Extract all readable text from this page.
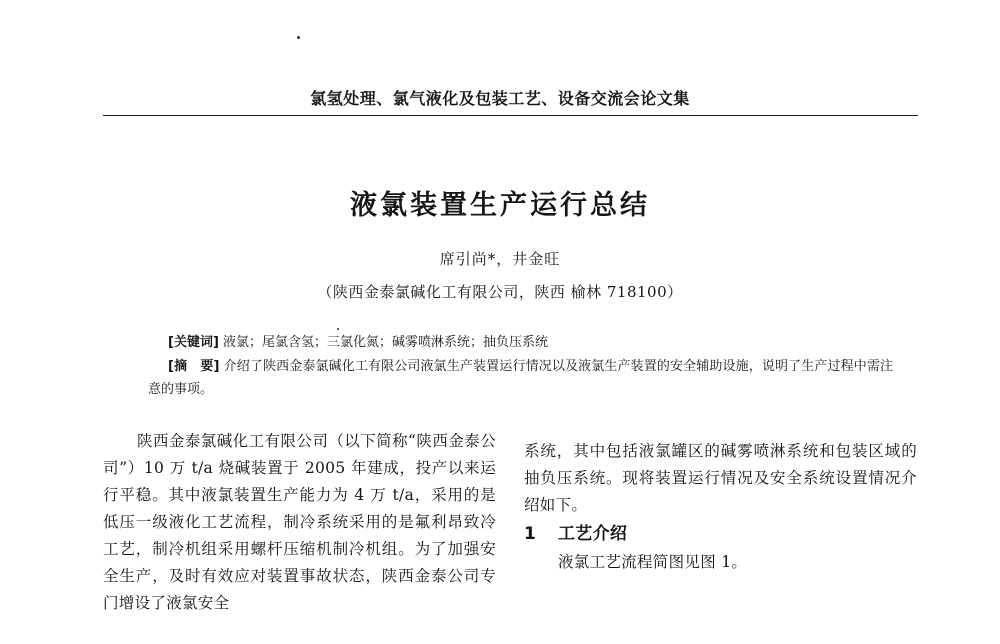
氯氢处理、氯气液化及包装工艺、设备交流会论文集
液氯装置生产运行总结
席引尚*，井金旺
（陕西金泰氯碱化工有限公司，陕西 榆林 718100）
[关键词] 液氯；尾氯含氢；三氯化氮；碱雾喷淋系统；抽负压系统
[摘　要] 介绍了陕西金泰氯碱化工有限公司液氯生产装置运行情况以及液氯生产装置的安全辅助设施，说明了生产过程中需注意的事项。

陕西金泰氯碱化工有限公司（以下简称“陕西金泰公司”）10 万 t/a 烧碱装置于 2005 年建成，投产以来运行平稳。其中液氯装置生产能力为 4 万 t/a，采用的是低压一级液化工艺流程，制冷系统采用的是氟利昂致冷工艺，制冷机组采用螺杆压缩机制冷机组。为了加强安全生产，及时有效应对装置事故状态，陕西金泰公司专门增设了液氯安全

系统，其中包括液氯罐区的碱雾喷淋系统和包装区域的抽负压系统。现将装置运行情况及安全系统设置情况介绍如下。

1 工艺介绍

液氯工艺流程简图见图 1。
